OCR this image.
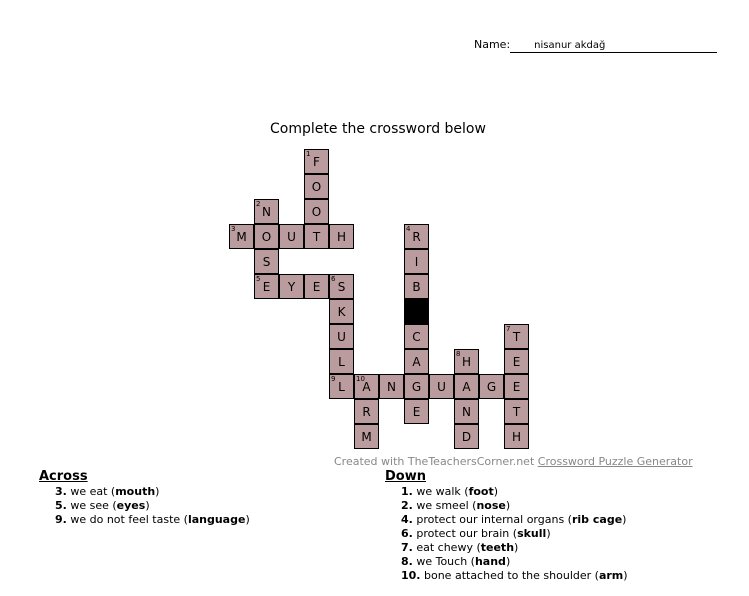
Name: nisanur akdağ
Complete the crossword below
1
F
O
2
N	O
3
M	O	U	T	H
4
R
S	I
5
E	Y	E
6
S	B
K
U	C
7
T
L	A
8
H	E
9
L
10
A	N	G	U	A	G	E
R	E	N	T
M	D	H
Created with TheTeachersCorner.net Crossword Puzzle Generator
Across
3. we eat (mouth)
5. we see (eyes)
9. we do not feel taste (language)
Down
1. we walk (foot)
2. we smeel (nose)
4. protect our internal organs (rib cage)
6. protect our brain (skull)
7. eat chewy (teeth)
8. we Touch (hand)
10. bone attached to the shoulder (arm)
